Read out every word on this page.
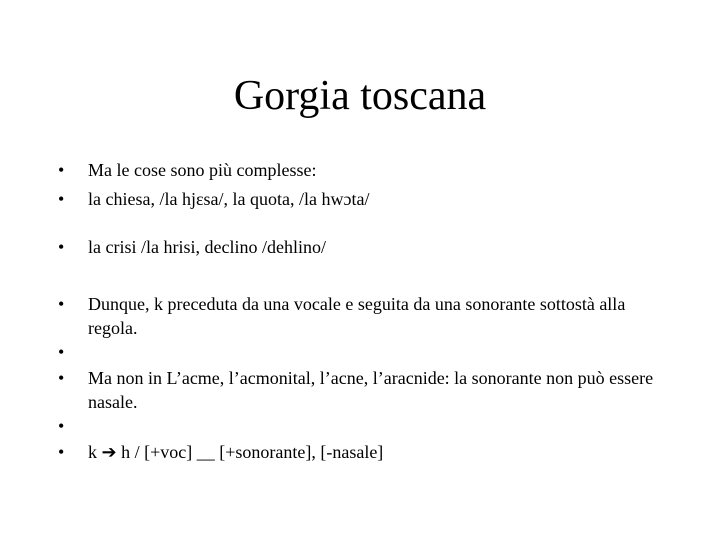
Gorgia toscana
• Ma le cose sono più complesse:
• la chiesa, /la hjɛsa/, la quota, /la hwɔta/
• la crisi /la hrisi, declino /dehlino/
• Dunque, k preceduta da una vocale e seguita da una sonorante sottostà alla regola.
•
• Ma non in L’acme, l’acmonital, l’acne, l’aracnide: la sonorante non può essere nasale.
•
• k ➔ h / [+voc] __ [+sonorante], [-nasale]
